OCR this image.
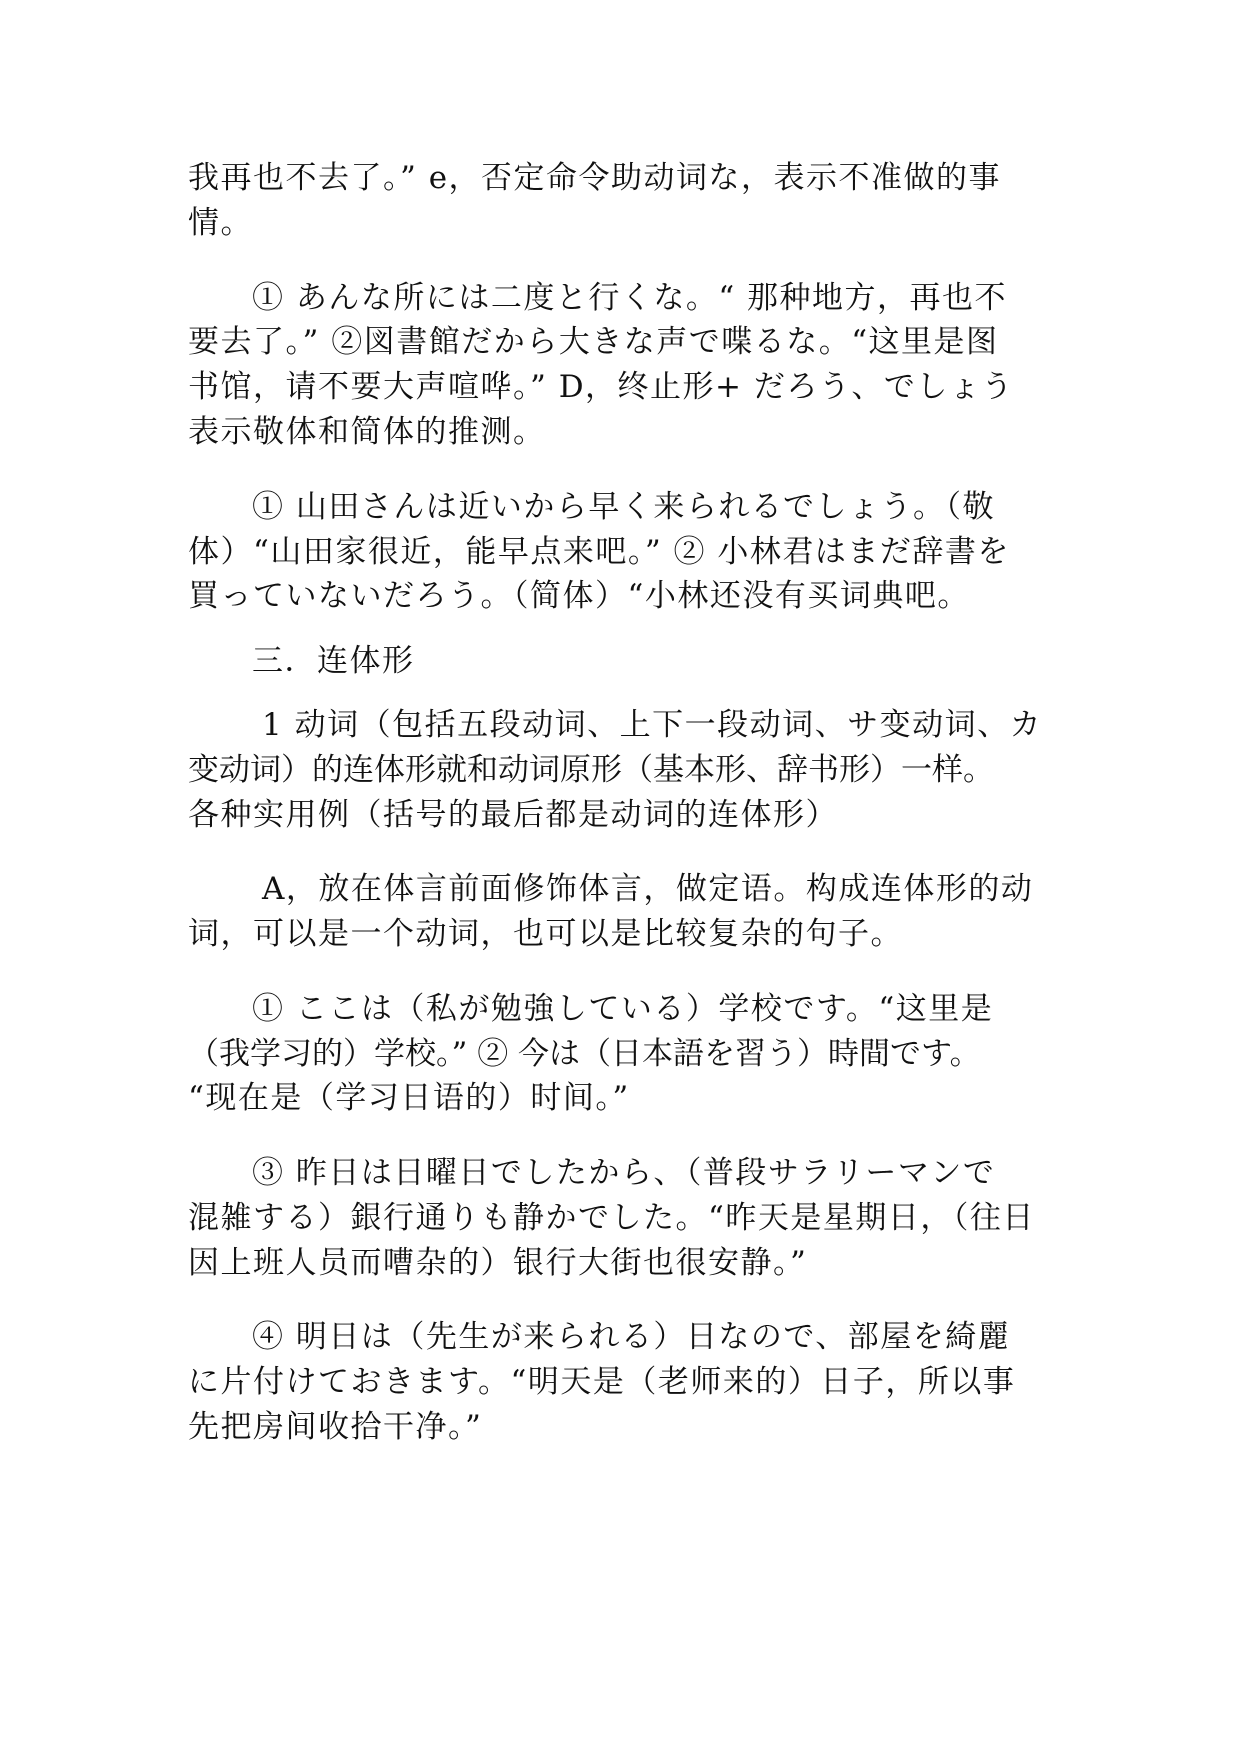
我再也不去了。” e，否定命令助动词な，表示不准做的事
情。
① あんな所には二度と行くな。“ 那种地方，再也不
要去了。” ②図書館だから大きな声で喋るな。“这里是图
书馆，请不要大声喧哗。” D，终止形+ だろう、でしょう
表示敬体和简体的推测。
① 山田さんは近いから早く来られるでしょう。（敬
体）“山田家很近，能早点来吧。” ② 小林君はまだ辞書を
買っていないだろう。（简体）“小林还没有买词典吧。
三．连体形
1 动词（包括五段动词、上下一段动词、サ变动词、カ
变动词）的连体形就和动词原形（基本形、辞书形）一样。
各种实用例（括号的最后都是动词的连体形）
A，放在体言前面修饰体言，做定语。构成连体形的动
词，可以是一个动词，也可以是比较复杂的句子。
① ここは（私が勉強している）学校です。“这里是
（我学习的）学校。” ② 今は（日本語を習う）時間です。
“现在是（学习日语的）时间。”
③ 昨日は日曜日でしたから、（普段サラリーマンで
混雑する）銀行通りも静かでした。“昨天是星期日，（往日
因上班人员而嘈杂的）银行大街也很安静。”
④ 明日は（先生が来られる）日なので、部屋を綺麗
に片付けておきます。“明天是（老师来的）日子，所以事
先把房间收拾干净。”
